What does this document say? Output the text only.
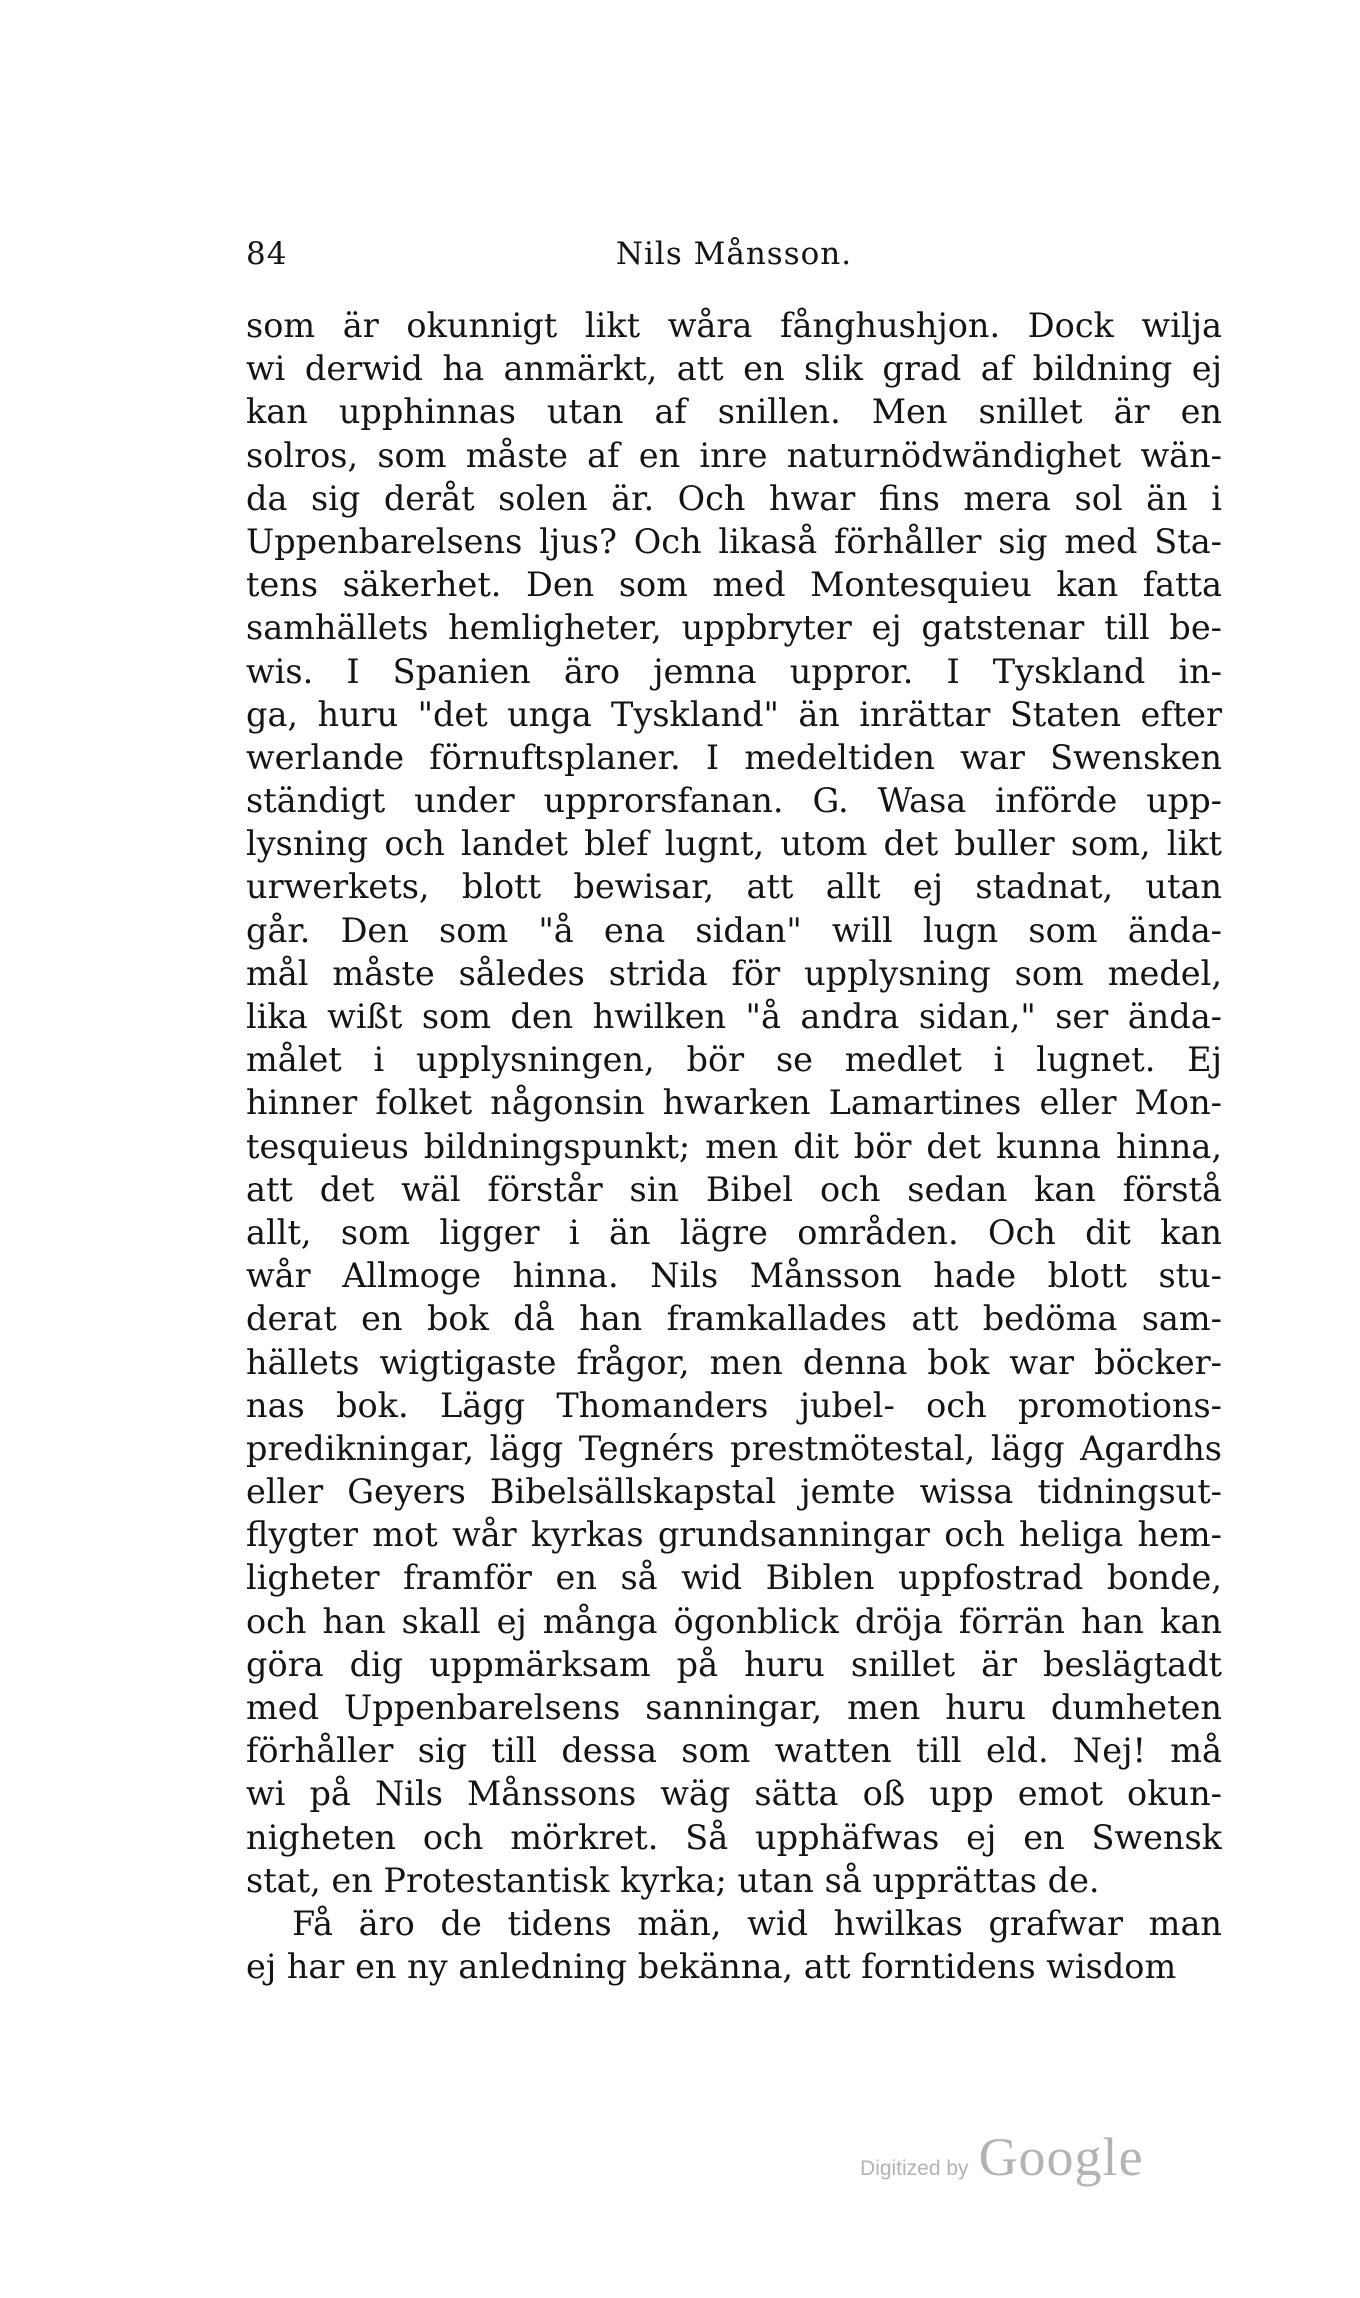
84	Nils Månsson.
som är okunnigt likt wåra fånghushjon. Dock wilja
wi derwid ha anmärkt, att en slik grad af bildning ej
kan upphinnas utan af snillen. Men snillet är en
solros, som måste af en inre naturnödwändighet wän-
da sig deråt solen är. Och hwar fins mera sol än i
Uppenbarelsens ljus? Och likaså förhåller sig med Sta-
tens säkerhet. Den som med Montesquieu kan fatta
samhällets hemligheter, uppbryter ej gatstenar till be-
wis. I Spanien äro jemna uppror. I Tyskland in-
ga, huru "det unga Tyskland" än inrättar Staten efter
werlande förnuftsplaner. I medeltiden war Swensken
ständigt under upprorsfanan. G. Wasa införde upp-
lysning och landet blef lugnt, utom det buller som, likt
urwerkets, blott bewisar, att allt ej stadnat, utan
går. Den som "å ena sidan" will lugn som ända-
mål måste således strida för upplysning som medel,
lika wißt som den hwilken "å andra sidan," ser ända-
målet i upplysningen, bör se medlet i lugnet. Ej
hinner folket någonsin hwarken Lamartines eller Mon-
tesquieus bildningspunkt; men dit bör det kunna hinna,
att det wäl förstår sin Bibel och sedan kan förstå
allt, som ligger i än lägre områden. Och dit kan
wår Allmoge hinna. Nils Månsson hade blott stu-
derat en bok då han framkallades att bedöma sam-
hällets wigtigaste frågor, men denna bok war böcker-
nas bok. Lägg Thomanders jubel- och promotions-
predikningar, lägg Tegnérs prestmötestal, lägg Agardhs
eller Geyers Bibelsällskapstal jemte wissa tidningsut-
flygter mot wår kyrkas grundsanningar och heliga hem-
ligheter framför en så wid Biblen uppfostrad bonde,
och han skall ej många ögonblick dröja förrän han kan
göra dig uppmärksam på huru snillet är beslägtadt
med Uppenbarelsens sanningar, men huru dumheten
förhåller sig till dessa som watten till eld. Nej! må
wi på Nils Månssons wäg sätta oß upp emot okun-
nigheten och mörkret. Så upphäfwas ej en Swensk
stat, en Protestantisk kyrka; utan så upprättas de.
Få äro de tidens män, wid hwilkas grafwar man
ej har en ny anledning bekänna, att forntidens wisdom
Digitized by Google
